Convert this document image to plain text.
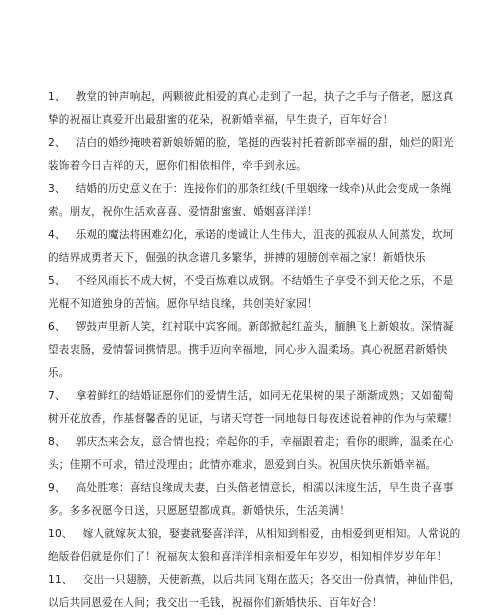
1、 教堂的钟声响起，两颗彼此相爱的真心走到了一起，执子之手与子偕老，愿这真挚的祝福让真爱开出最甜蜜的花朵，祝新婚幸福，早生贵子，百年好合！
2、 洁白的婚纱掩映着新娘娇媚的脸，笔挺的西装衬托着新郎幸福的甜，灿烂的阳光装饰着今日吉祥的天，愿你们相依相伴，牵手到永远。
3、 结婚的历史意义在于：连接你们的那条红线(千里姻缘一线牵)从此会变成一条绳索。朋友，祝你生活欢喜喜、爱情甜蜜蜜、婚姻喜洋洋！
4、 乐观的魔法将困难幻化，承诺的虔诚让人生伟大，沮丧的孤寂从人间蒸发，坎坷的结界成勇者天下，倔强的执念谱几多繁华，拼搏的翅膀创幸福之家！新婚快乐
5、 不经风雨长不成大树，不受百炼难以成钢。不结婚生子享受不到天伦之乐，不是光棍不知道独身的苦恼。愿你早结良缘，共创美好家园！
6、 锣鼓声里新人笑，红衬联中宾客闹。新郎掀起红盖头，腼腆飞上新娘妆。深情凝望表衷肠，爱情誓词携情思。携手迈向幸福地，同心步入温柔场。真心祝愿君新婚快乐。
7、 拿着鲜红的结婚证愿你们的爱情生活，如同无花果树的果子渐渐成熟；又如葡萄树开花放香，作基督馨香的见证，与诸天穹苍一同地每日每夜述说着神的作为与荣耀！
8、 郭庆杰来会友，意合情也投；牵起你的手，幸福跟着走；看你的眼眸，温柔在心头；佳期不可求，错过没理由；此情亦难求，恩爱到白头。祝国庆快乐新婚幸福。
9、 高处胜寒：喜结良缘成夫妻，白头偕老情意长，相濡以沫度生活，早生贵子喜事多。多多祝愿今日送，只愿愿望都成真。新婚快乐，生活美满！
10、 嫁人就嫁灰太狼，娶妻就娶喜洋洋，从相知到相爱，由相爱到更相知。人常说的绝版眷侣就是你们了！祝福灰太狼和喜洋洋相亲相爱年年岁岁，相知相伴岁岁年年！
11、 交出一只翅膀，天使新燕，以后共同飞翔在蓝天；各交出一份真情，神仙伴侣，以后共同恩爱在人间；我交出一毛钱，祝福你们新婚快乐、百年好合！
